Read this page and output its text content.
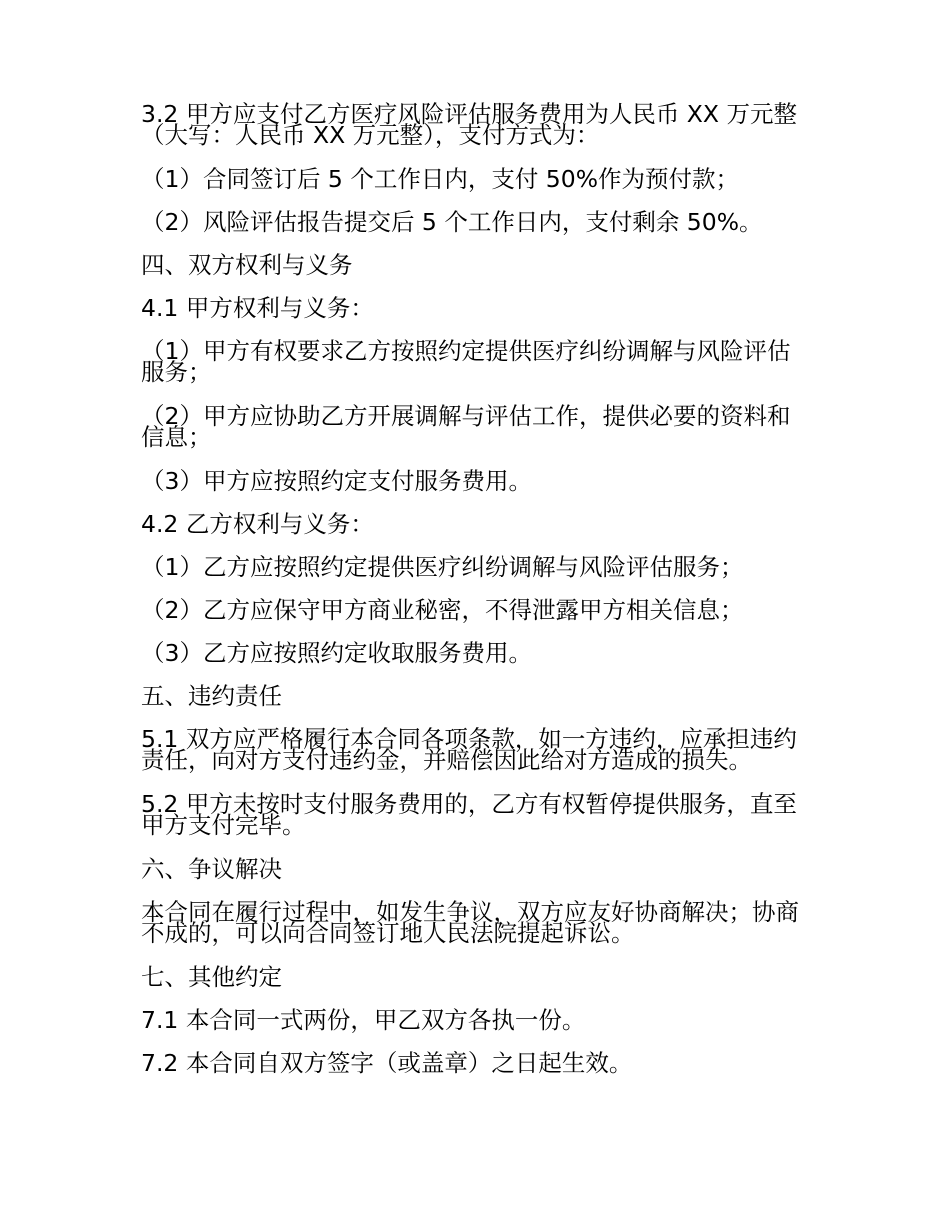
3.2 甲方应支付乙方医疗风险评估服务费用为人民币 XX 万元整（大写：人民币 XX 万元整），支付方式为：

（1）合同签订后 5 个工作日内，支付 50%作为预付款；

（2）风险评估报告提交后 5 个工作日内，支付剩余 50%。

四、双方权利与义务

4.1 甲方权利与义务：

（1）甲方有权要求乙方按照约定提供医疗纠纷调解与风险评估服务；

（2）甲方应协助乙方开展调解与评估工作，提供必要的资料和信息；

（3）甲方应按照约定支付服务费用。

4.2 乙方权利与义务：

（1）乙方应按照约定提供医疗纠纷调解与风险评估服务；

（2）乙方应保守甲方商业秘密，不得泄露甲方相关信息；

（3）乙方应按照约定收取服务费用。

五、违约责任

5.1 双方应严格履行本合同各项条款，如一方违约，应承担违约责任，向对方支付违约金，并赔偿因此给对方造成的损失。

5.2 甲方未按时支付服务费用的，乙方有权暂停提供服务，直至甲方支付完毕。

六、争议解决

本合同在履行过程中，如发生争议，双方应友好协商解决；协商不成的，可以向合同签订地人民法院提起诉讼。

七、其他约定

7.1 本合同一式两份，甲乙双方各执一份。

7.2 本合同自双方签字（或盖章）之日起生效。
